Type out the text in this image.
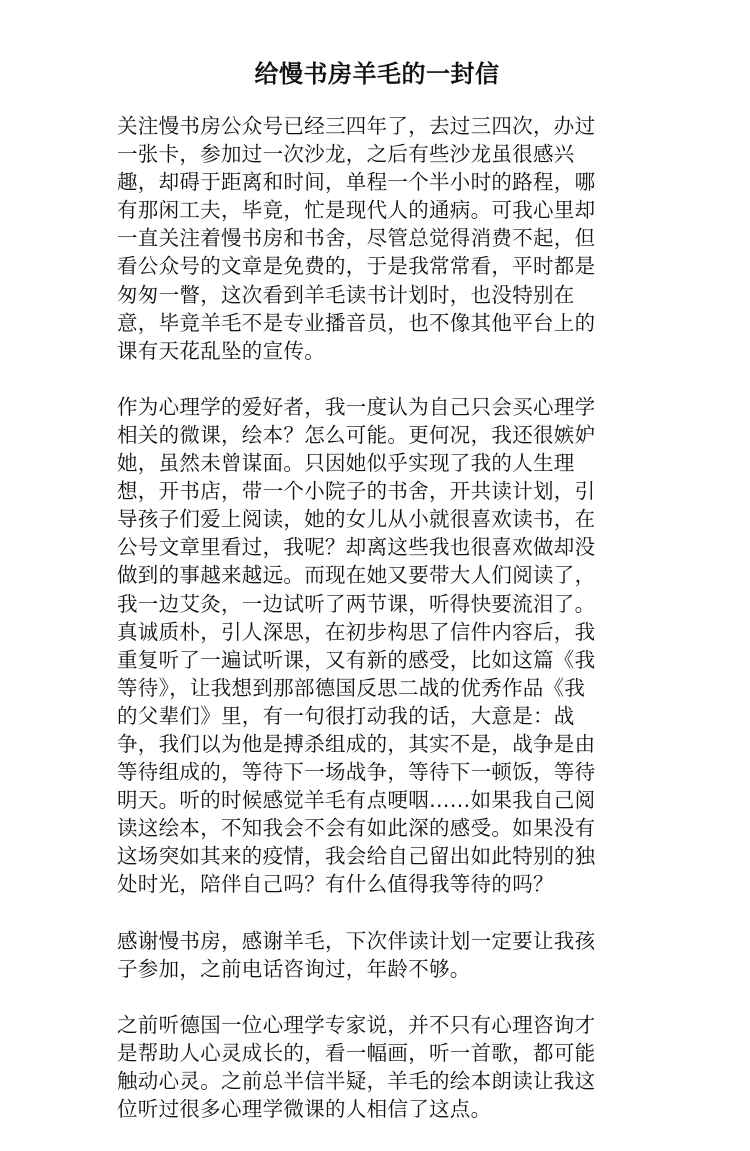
给慢书房羊毛的一封信
关注慢书房公众号已经三四年了，去过三四次，办过
一张卡，参加过一次沙龙，之后有些沙龙虽很感兴
趣，却碍于距离和时间，单程一个半小时的路程，哪
有那闲工夫，毕竟，忙是现代人的通病。可我心里却
一直关注着慢书房和书舍，尽管总觉得消费不起，但
看公众号的文章是免费的，于是我常常看，平时都是
匆匆一瞥，这次看到羊毛读书计划时，也没特别在
意，毕竟羊毛不是专业播音员，也不像其他平台上的
课有天花乱坠的宣传。
作为心理学的爱好者，我一度认为自己只会买心理学
相关的微课，绘本？怎么可能。更何况，我还很嫉妒
她，虽然未曾谋面。只因她似乎实现了我的人生理
想，开书店，带一个小院子的书舍，开共读计划，引
导孩子们爱上阅读，她的女儿从小就很喜欢读书，在
公号文章里看过，我呢？却离这些我也很喜欢做却没
做到的事越来越远。而现在她又要带大人们阅读了，
我一边艾灸，一边试听了两节课，听得快要流泪了。
真诚质朴，引人深思，在初步构思了信件内容后，我
重复听了一遍试听课，又有新的感受，比如这篇《我
等待》，让我想到那部德国反思二战的优秀作品《我
的父辈们》里，有一句很打动我的话，大意是：战
争，我们以为他是搏杀组成的，其实不是，战争是由
等待组成的，等待下一场战争，等待下一顿饭，等待
明天。听的时候感觉羊毛有点哽咽……如果我自己阅
读这绘本，不知我会不会有如此深的感受。如果没有
这场突如其来的疫情，我会给自己留出如此特别的独
处时光，陪伴自己吗？有什么值得我等待的吗？
感谢慢书房，感谢羊毛，下次伴读计划一定要让我孩
子参加，之前电话咨询过，年龄不够。
之前听德国一位心理学专家说，并不只有心理咨询才
是帮助人心灵成长的，看一幅画，听一首歌，都可能
触动心灵。之前总半信半疑，羊毛的绘本朗读让我这
位听过很多心理学微课的人相信了这点。
